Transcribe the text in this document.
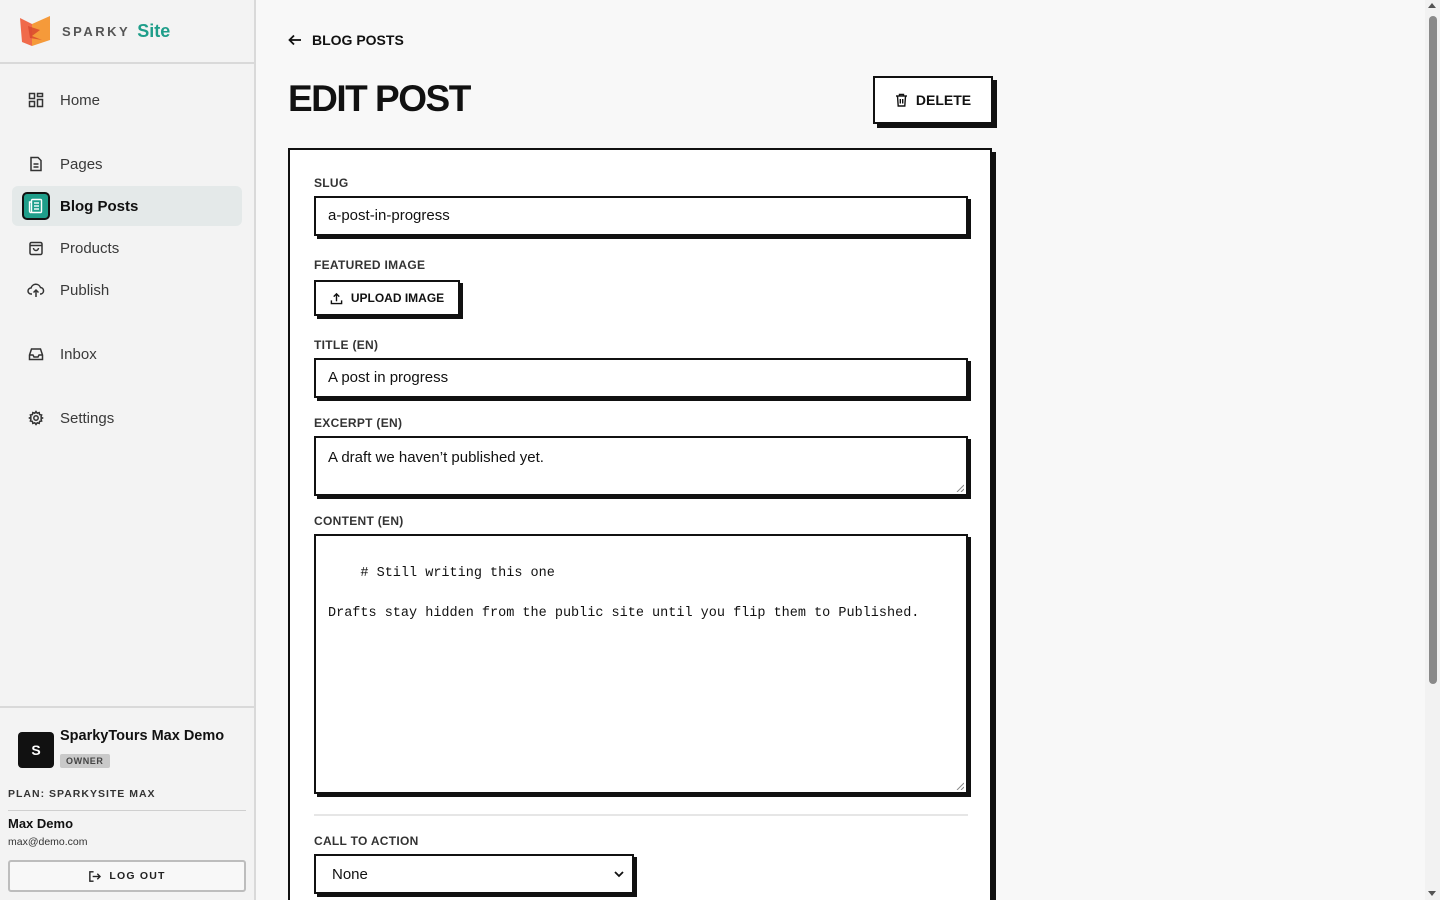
SPARKY Site
Home
Pages
Blog Posts
Products
Publish
Inbox
Settings
S
SparkyTours Max Demo
OWNER
PLAN: SPARKYSITE MAX
Max Demo
max@demo.com
LOG OUT
BLOG POSTS
EDIT POST	DELETE
SLUG
a-post-in-progress
FEATURED IMAGE
UPLOAD IMAGE
TITLE (EN)
A post in progress
EXCERPT (EN)
A draft we haven’t published yet.
CONTENT (EN)

# Still writing this one

Drafts stay hidden from the public site until you flip them to Published.

CALL TO ACTION
None
